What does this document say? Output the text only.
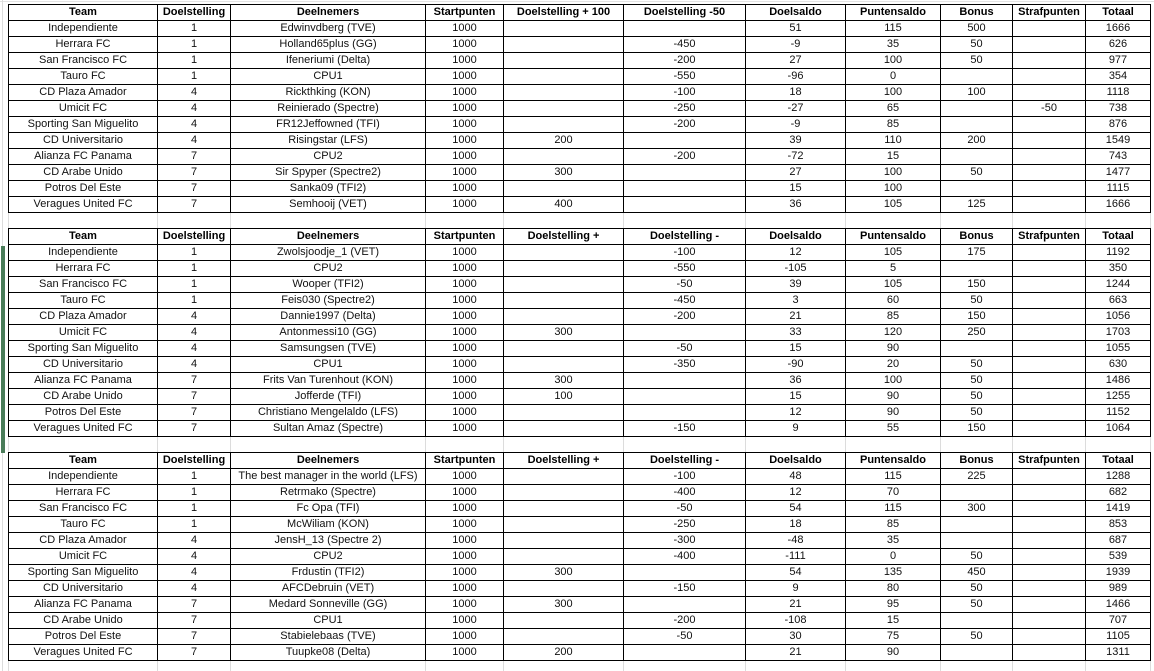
Team	Doelstelling	Deelnemers	Startpunten	Doelstelling + 100	Doelstelling -50	Doelsaldo	Puntensaldo	Bonus	Strafpunten	Totaal
Independiente	1	Edwinvdberg (TVE)	1000			51	115	500		1666
Herrara FC	1	Holland65plus (GG)	1000		-450	-9	35	50		626
San Francisco FC	1	Ifeneriumi (Delta)	1000		-200	27	100	50		977
Tauro FC	1	CPU1	1000		-550	-96	0			354
CD Plaza Amador	4	Rickthking (KON)	1000		-100	18	100	100		1118
Umicit FC	4	Reinierado (Spectre)	1000		-250	-27	65		-50	738
Sporting San Miguelito	4	FR12Jeffowned (TFI)	1000		-200	-9	85			876
CD Universitario	4	Risingstar (LFS)	1000	200		39	110	200		1549
Alianza FC Panama	7	CPU2	1000		-200	-72	15			743
CD Arabe Unido	7	Sir Spyper (Spectre2)	1000	300		27	100	50		1477
Potros Del Este	7	Sanka09 (TFI2)	1000			15	100			1115
Veragues United FC	7	Semhooij (VET)	1000	400		36	105	125		1666

Team	Doelstelling	Deelnemers	Startpunten	Doelstelling +	Doelstelling -	Doelsaldo	Puntensaldo	Bonus	Strafpunten	Totaal
Independiente	1	Zwolsjoodje_1 (VET)	1000		-100	12	105	175		1192
Herrara FC	1	CPU2	1000		-550	-105	5			350
San Francisco FC	1	Wooper (TFI2)	1000		-50	39	105	150		1244
Tauro FC	1	Feis030 (Spectre2)	1000		-450	3	60	50		663
CD Plaza Amador	4	Dannie1997 (Delta)	1000		-200	21	85	150		1056
Umicit FC	4	Antonmessi10 (GG)	1000	300		33	120	250		1703
Sporting San Miguelito	4	Samsungsen (TVE)	1000		-50	15	90			1055
CD Universitario	4	CPU1	1000		-350	-90	20	50		630
Alianza FC Panama	7	Frits Van Turenhout (KON)	1000	300		36	100	50		1486
CD Arabe Unido	7	Jofferde (TFI)	1000	100		15	90	50		1255
Potros Del Este	7	Christiano Mengelaldo (LFS)	1000			12	90	50		1152
Veragues United FC	7	Sultan Amaz (Spectre)	1000		-150	9	55	150		1064

Team	Doelstelling	Deelnemers	Startpunten	Doelstelling +	Doelstelling -	Doelsaldo	Puntensaldo	Bonus	Strafpunten	Totaal
Independiente	1	The best manager in the world (LFS)	1000		-100	48	115	225		1288
Herrara FC	1	Retrmako (Spectre)	1000		-400	12	70			682
San Francisco FC	1	Fc Opa (TFI)	1000		-50	54	115	300		1419
Tauro FC	1	McWiliam (KON)	1000		-250	18	85			853
CD Plaza Amador	4	JensH_13 (Spectre 2)	1000		-300	-48	35			687
Umicit FC	4	CPU2	1000		-400	-111	0	50		539
Sporting San Miguelito	4	Frdustin (TFI2)	1000	300		54	135	450		1939
CD Universitario	4	AFCDebruin (VET)	1000		-150	9	80	50		989
Alianza FC Panama	7	Medard Sonneville (GG)	1000	300		21	95	50		1466
CD Arabe Unido	7	CPU1	1000		-200	-108	15			707
Potros Del Este	7	Stabielebaas (TVE)	1000		-50	30	75	50		1105
Veragues United FC	7	Tuupke08 (Delta)	1000	200		21	90			1311
